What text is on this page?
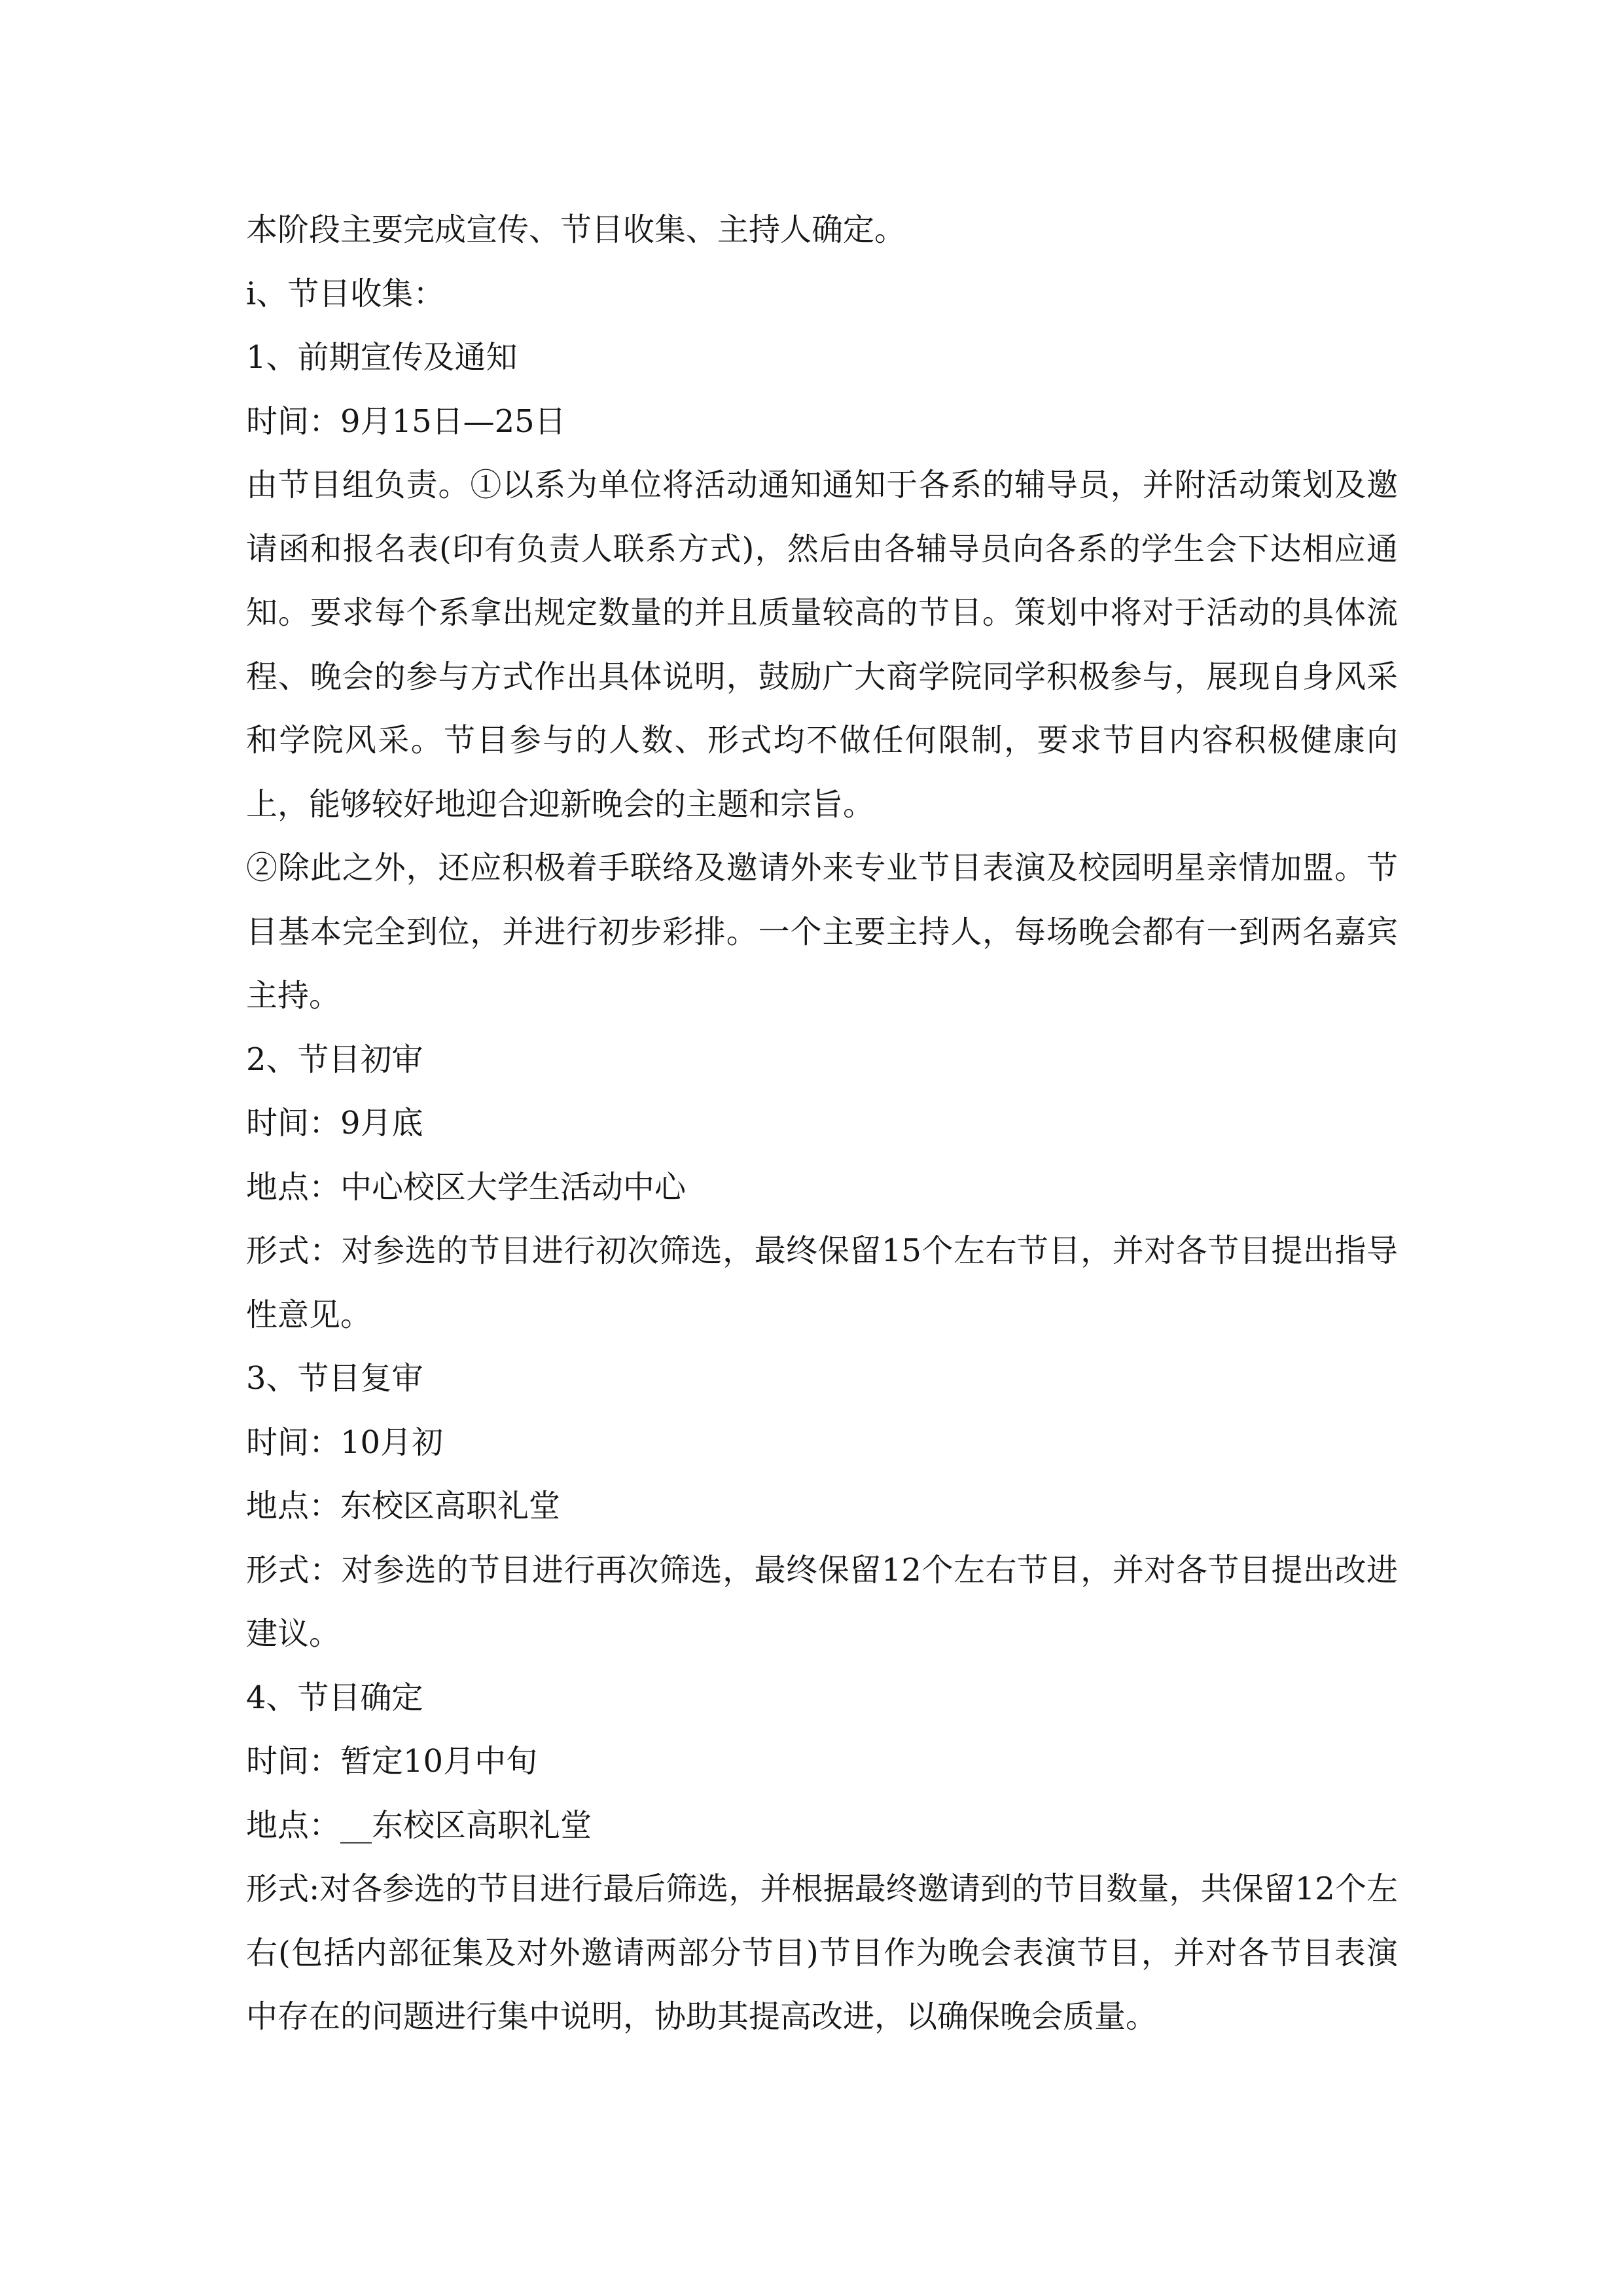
本阶段主要完成宣传、节目收集、主持人确定。

ⅰ、节目收集：

1、前期宣传及通知

时间：9月15日—25日

由节目组负责。①以系为单位将活动通知通知于各系的辅导员，并附活动策划及邀请函和报名表(印有负责人联系方式)，然后由各辅导员向各系的学生会下达相应通知。要求每个系拿出规定数量的并且质量较高的节目。策划中将对于活动的具体流程、晚会的参与方式作出具体说明，鼓励广大商学院同学积极参与，展现自身风采和学院风采。节目参与的人数、形式均不做任何限制，要求节目内容积极健康向上，能够较好地迎合迎新晚会的主题和宗旨。

②除此之外，还应积极着手联络及邀请外来专业节目表演及校园明星亲情加盟。节目基本完全到位，并进行初步彩排。一个主要主持人，每场晚会都有一到两名嘉宾主持。

2、节目初审

时间：9月底

地点：中心校区大学生活动中心

形式：对参选的节目进行初次筛选，最终保留15个左右节目，并对各节目提出指导性意见。

3、节目复审

时间：10月初

地点：东校区高职礼堂

形式：对参选的节目进行再次筛选，最终保留12个左右节目，并对各节目提出改进建议。

4、节目确定

时间：暂定10月中旬

地点：__东校区高职礼堂

形式:对各参选的节目进行最后筛选，并根据最终邀请到的节目数量，共保留12个左右(包括内部征集及对外邀请两部分节目)节目作为晚会表演节目，并对各节目表演中存在的问题进行集中说明，协助其提高改进，以确保晚会质量。
